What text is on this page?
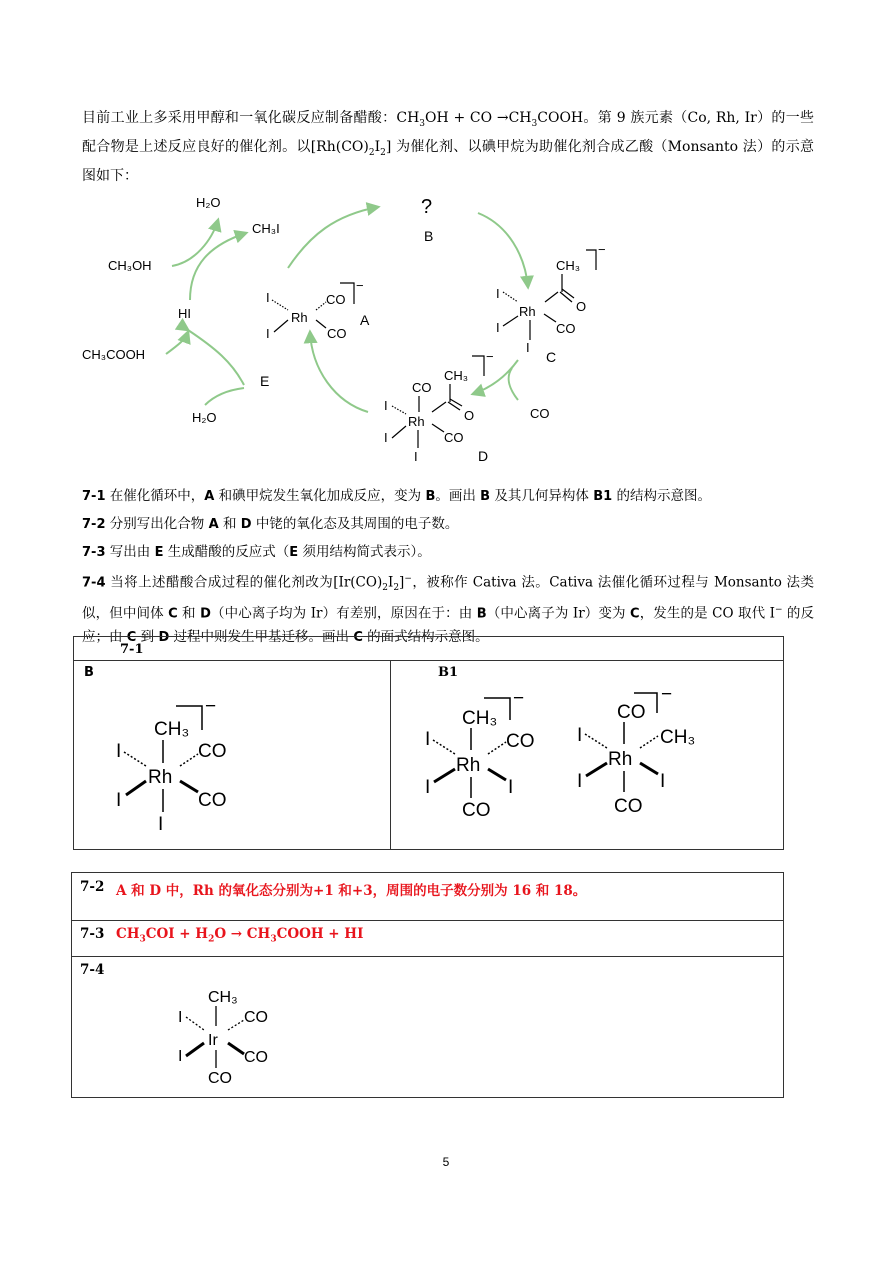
目前工业上多采用甲醇和一氧化碳反应制备醋酸：$CH_3OH$ + CO $\to CH_3COOH$。第 9 族元素（Co, Rh, Ir）的一些配合物是上述反应良好的催化剂。以$[Rh(CO)_2I_2]$ 为催化剂、以碘甲烷为助催化剂合成乙酸（Monsanto 法）的示意图如下：
H₂O
CH₃I
CH₃OH
HI
CH₃COOH
E
H₂O
?
B
CO
Rh
I	CO
I	CO
−
A
Rh
CH₃
O
I
I	CO
I
−
C
Rh
CO
CH₃
O
I
I	CO
I
−
D
7-1 在催化循环中，A 和碘甲烷发生氧化加成反应，变为 B。画出 B 及其几何异构体 B1 的结构示意图。
7-2 分别写出化合物 A 和 D 中铑的氧化态及其周围的电子数。
7-3 写出由 E 生成醋酸的反应式（E 须用结构简式表示）。
7-4 当将上述醋酸合成过程的催化剂改为$[Ir(CO)_2I_2]^-$，被称作 Cativa 法。Cativa 法催化循环过程与 Monsanto 法类似，但中间体 C 和 D（中心离子均为 Ir）有差别，原因在于：由 B（中心离子为 Ir）变为 C，发生的是 CO 取代 I− 的反应；由 C 到 D 过程中则发生甲基迁移。画出 C 的面式结构示意图。
7-1
B	B1
Rh
CH₃
I	CO
I	CO
I
−
Rh
CH₃
I	CO
I	I
CO
−
Rh
CO
I	CH₃
I	I
CO
−
7-2 A 和 D 中，Rh 的氧化态分别为+1 和+3，周围的电子数分别为 16 和 18。
7-3 $CH_3COI + H_2O$ → $CH_3COOH$ + HI
7-4
Ir
CH₃
I	CO
I	CO
CO
5
